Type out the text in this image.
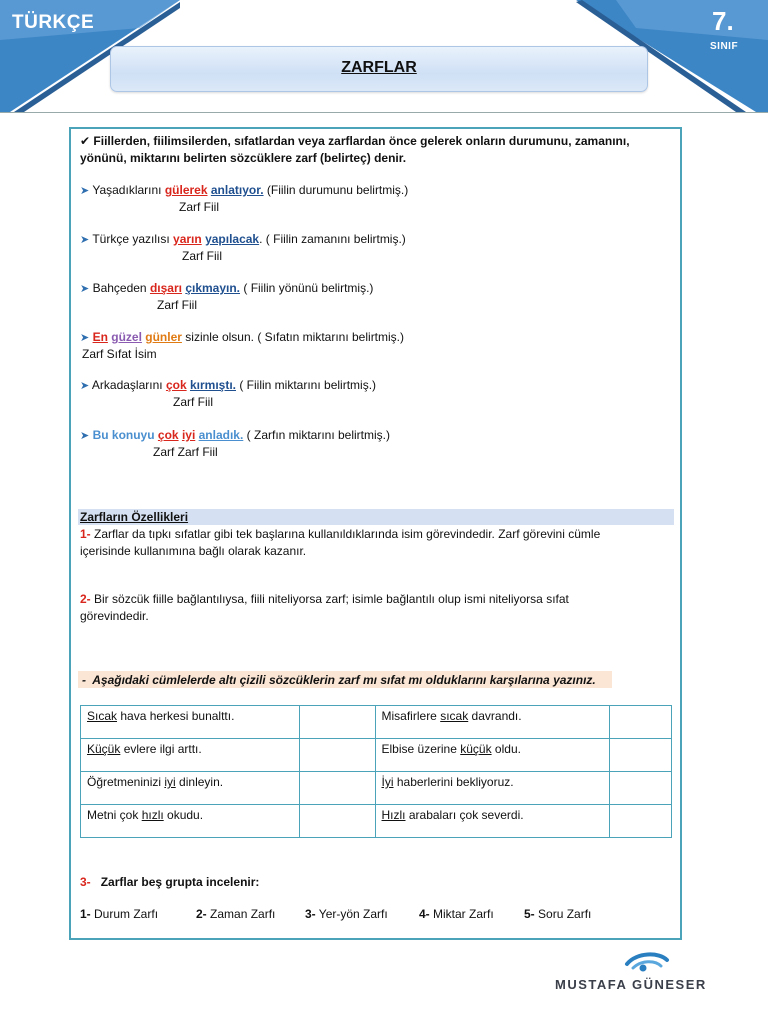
TÜRKÇE	7.
SINIF
ZARFLAR
✔ Fiillerden, fiilimsilerden, sıfatlardan veya zarflardan önce gelerek onların durumunu, zamanını,
yönünü, miktarını belirten sözcüklere zarf (belirteç) denir.
➤ Yaşadıklarını gülerek anlatıyor. (Fiilin durumunu belirtmiş.)
Zarf Fiil
➤ Türkçe yazılısı yarın yapılacak. ( Fiilin zamanını belirtmiş.)
Zarf Fiil
➤ Bahçeden dışarı çıkmayın. ( Fiilin yönünü belirtmiş.)
Zarf Fiil
➤ En güzel günler sizinle olsun. ( Sıfatın miktarını belirtmiş.)
Zarf Sıfat İsim
➤ Arkadaşlarını çok kırmıştı. ( Fiilin miktarını belirtmiş.)
Zarf Fiil
➤ Bu konuyu çok iyi anladık. ( Zarfın miktarını belirtmiş.)
Zarf Zarf Fiil
Zarfların Özellikleri
1- Zarflar da tıpkı sıfatlar gibi tek başlarına kullanıldıklarında isim görevindedir. Zarf görevini cümle
içerisinde kullanımına bağlı olarak kazanır.
2- Bir sözcük fiille bağlantılıysa, fiili niteliyorsa zarf; isimle bağlantılı olup ismi niteliyorsa sıfat
görevindedir.
- Aşağıdaki cümlelerde altı çizili sözcüklerin zarf mı sıfat mı olduklarını karşılarına yazınız.
Sıcak hava herkesi bunalttı.		Misafirlere sıcak davrandı.	
Küçük evlere ilgi arttı.		Elbise üzerine küçük oldu.	
Öğretmeninizi iyi dinleyin.		İyi haberlerini bekliyoruz.	
Metni çok hızlı okudu.		Hızlı arabaları çok severdi.	
3- Zarflar beş grupta incelenir:
1- Durum Zarfı	2- Zaman Zarfı 3- Yer-yön Zarfı	4- Miktar Zarfı	5- Soru Zarfı
MUSTAFA GÜNESER
